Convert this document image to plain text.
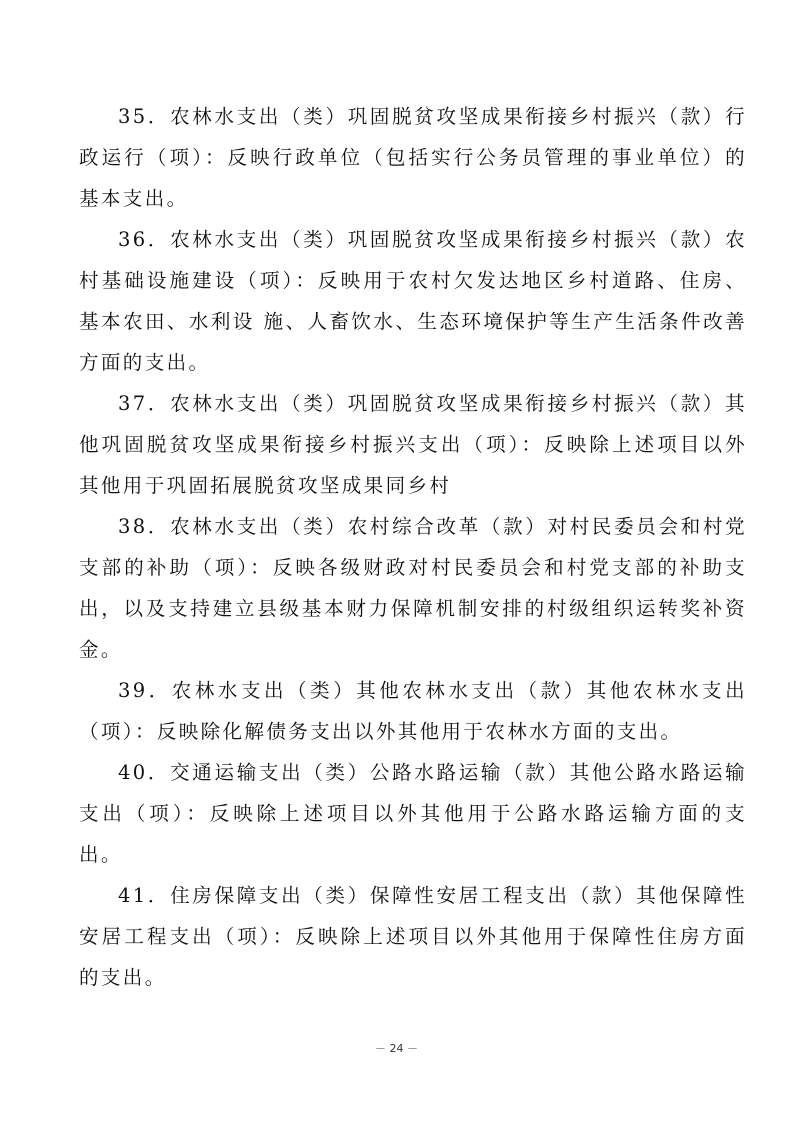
35．农林水支出（类）巩固脱贫攻坚成果衔接乡村振兴（款）行政运行（项）：反映行政单位（包括实行公务员管理的事业单位）的基本支出。

36．农林水支出（类）巩固脱贫攻坚成果衔接乡村振兴（款）农村基础设施建设（项）：反映用于农村欠发达地区乡村道路、住房、基本农田、水利设 施、人畜饮水、生态环境保护等生产生活条件改善方面的支出。

37．农林水支出（类）巩固脱贫攻坚成果衔接乡村振兴（款）其他巩固脱贫攻坚成果衔接乡村振兴支出（项）：反映除上述项目以外其他用于巩固拓展脱贫攻坚成果同乡村

38．农林水支出（类）农村综合改革（款）对村民委员会和村党支部的补助（项）：反映各级财政对村民委员会和村党支部的补助支出，以及支持建立县级基本财力保障机制安排的村级组织运转奖补资金。

39．农林水支出（类）其他农林水支出（款）其他农林水支出（项）：反映除化解债务支出以外其他用于农林水方面的支出。

40．交通运输支出（类）公路水路运输（款）其他公路水路运输支出（项）：反映除上述项目以外其他用于公路水路运输方面的支出。

41．住房保障支出（类）保障性安居工程支出（款）其他保障性安居工程支出（项）：反映除上述项目以外其他用于保障性住房方面的支出。

－ 24 －
